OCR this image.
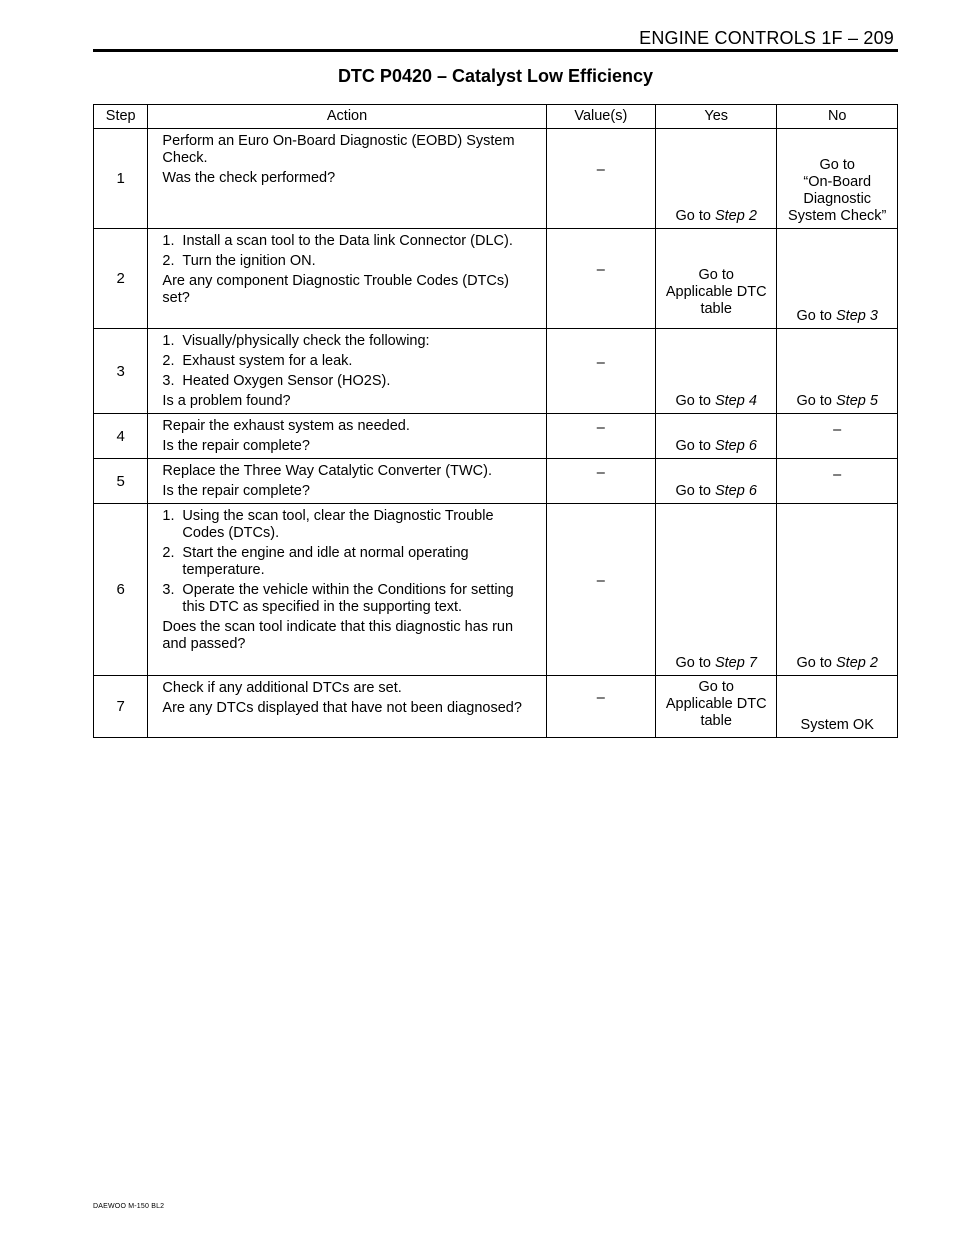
ENGINE CONTROLS 1F – 209
DTC P0420 – Catalyst Low Efficiency
Step	Action	Value(s)	Yes	No
1	Perform an Euro On-Board Diagnostic (EOBD) System Check.
Was the check performed?	–	Go to Step 2	Go to
“On-Board
Diagnostic
System Check”

2	1. Install a scan tool to the Data link Connector (DLC).
2. Turn the ignition ON.
Are any component Diagnostic Trouble Codes (DTCs) set?	–	Go to
Applicable DTC
table	Go to Step 3
3	1. Visually/physically check the following:
2. Exhaust system for a leak.
3. Heated Oxygen Sensor (HO2S).
Is a problem found?	–	Go to Step 4	Go to Step 5
4	Repair the exhaust system as needed.
Is the repair complete?	–	Go to Step 6	–
5	Replace the Three Way Catalytic Converter (TWC).
Is the repair complete?	–	Go to Step 6	–
6	1. Using the scan tool, clear the Diagnostic Trouble Codes (DTCs).
2. Start the engine and idle at normal operating temperature.
3. Operate the vehicle within the Conditions for setting this DTC as specified in the supporting text.
Does the scan tool indicate that this diagnostic has run and passed?	–	Go to Step 7	Go to Step 2
7	Check if any additional DTCs are set.
Are any DTCs displayed that have not been diagnosed?	–	Go to
Applicable DTC
table	System OK
DAEWOO M-150 BL2
